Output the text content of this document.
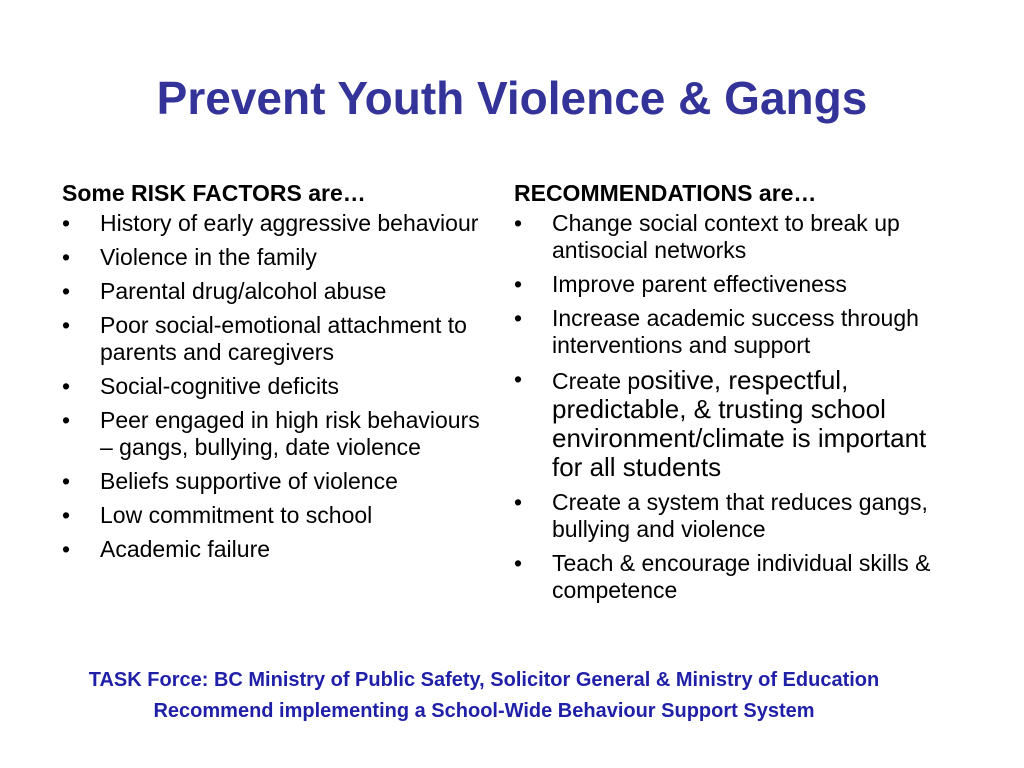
Prevent Youth Violence & Gangs
Some RISK FACTORS are…
• History of early aggressive behaviour
• Violence in the family
• Parental drug/alcohol abuse
• Poor social-emotional attachment to parents and caregivers
• Social-cognitive deficits
• Peer engaged in high risk behaviours – gangs, bullying, date violence
• Beliefs supportive of violence
• Low commitment to school
• Academic failure
RECOMMENDATIONS are…
• Change social context to break up antisocial networks
• Improve parent effectiveness
• Increase academic success through interventions and support
• Create positive, respectful, predictable, & trusting school environment/climate is important for all students
• Create a system that reduces gangs, bullying and violence
• Teach & encourage individual skills & competence
TASK Force: BC Ministry of Public Safety, Solicitor General & Ministry of Education
Recommend implementing a School-Wide Behaviour Support System
